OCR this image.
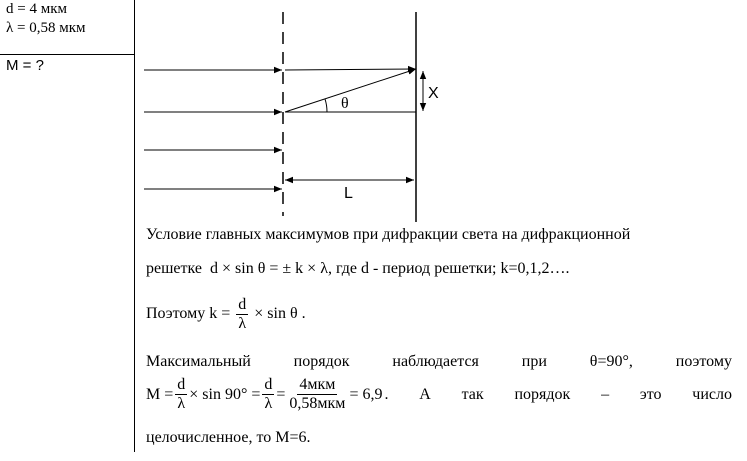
d = 4 мкм
λ = 0,58 мкм
M = ?
θ
X
L
Условие главных максимумов при дифракции света на дифракционной
решетке d × sin θ = ± k × λ, где d - период решетки; k=0,1,2….
Поэтому $k = \frac{d}{\lambda} \times \sin \theta$ .
Максимальный	порядок	наблюдается	при	θ=90°,	поэтому
$M = \frac{d}{\lambda} \times \sin 90^\circ = \frac{d}{\lambda} = \frac{\text{4мкм}}{\text{0,58мкм}} = 6,9$ . А так порядок – это число
целочисленное, то M=6.
